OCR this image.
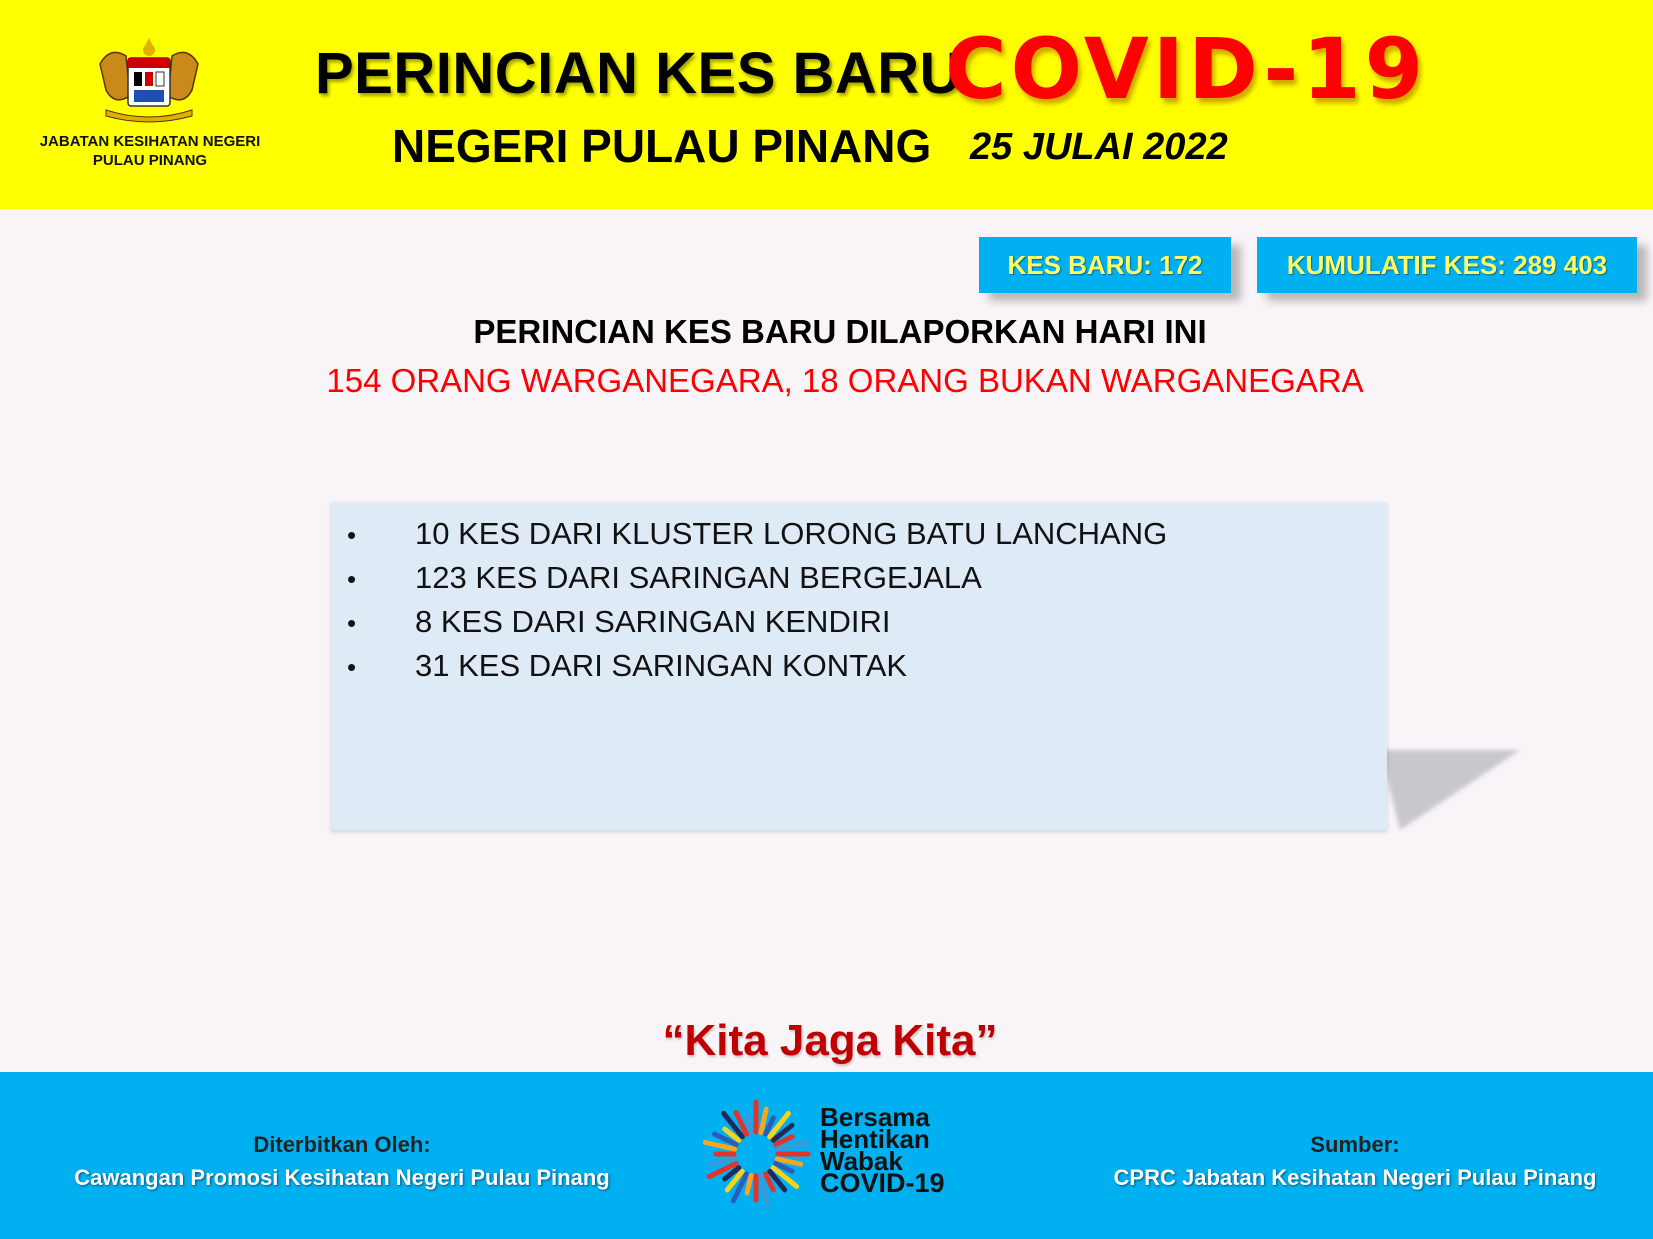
JABATAN KESIHATAN NEGERI
PULAU PINANG
PERINCIAN KES BARU
COVID-19
NEGERI PULAU PINANG 25 JULAI 2022
KES BARU: 172	KUMULATIF KES: 289 403
PERINCIAN KES BARU DILAPORKAN HARI INI
154 ORANG WARGANEGARA, 18 ORANG BUKAN WARGANEGARA
• 10 KES DARI KLUSTER LORONG BATU LANCHANG
• 123 KES DARI SARINGAN BERGEJALA
• 8 KES DARI SARINGAN KENDIRI
• 31 KES DARI SARINGAN KONTAK
“Kita Jaga Kita”
Diterbitkan Oleh:
Cawangan Promosi Kesihatan Negeri Pulau Pinang
Bersama
Hentikan
Wabak
COVID-19
Sumber:
CPRC Jabatan Kesihatan Negeri Pulau Pinang
